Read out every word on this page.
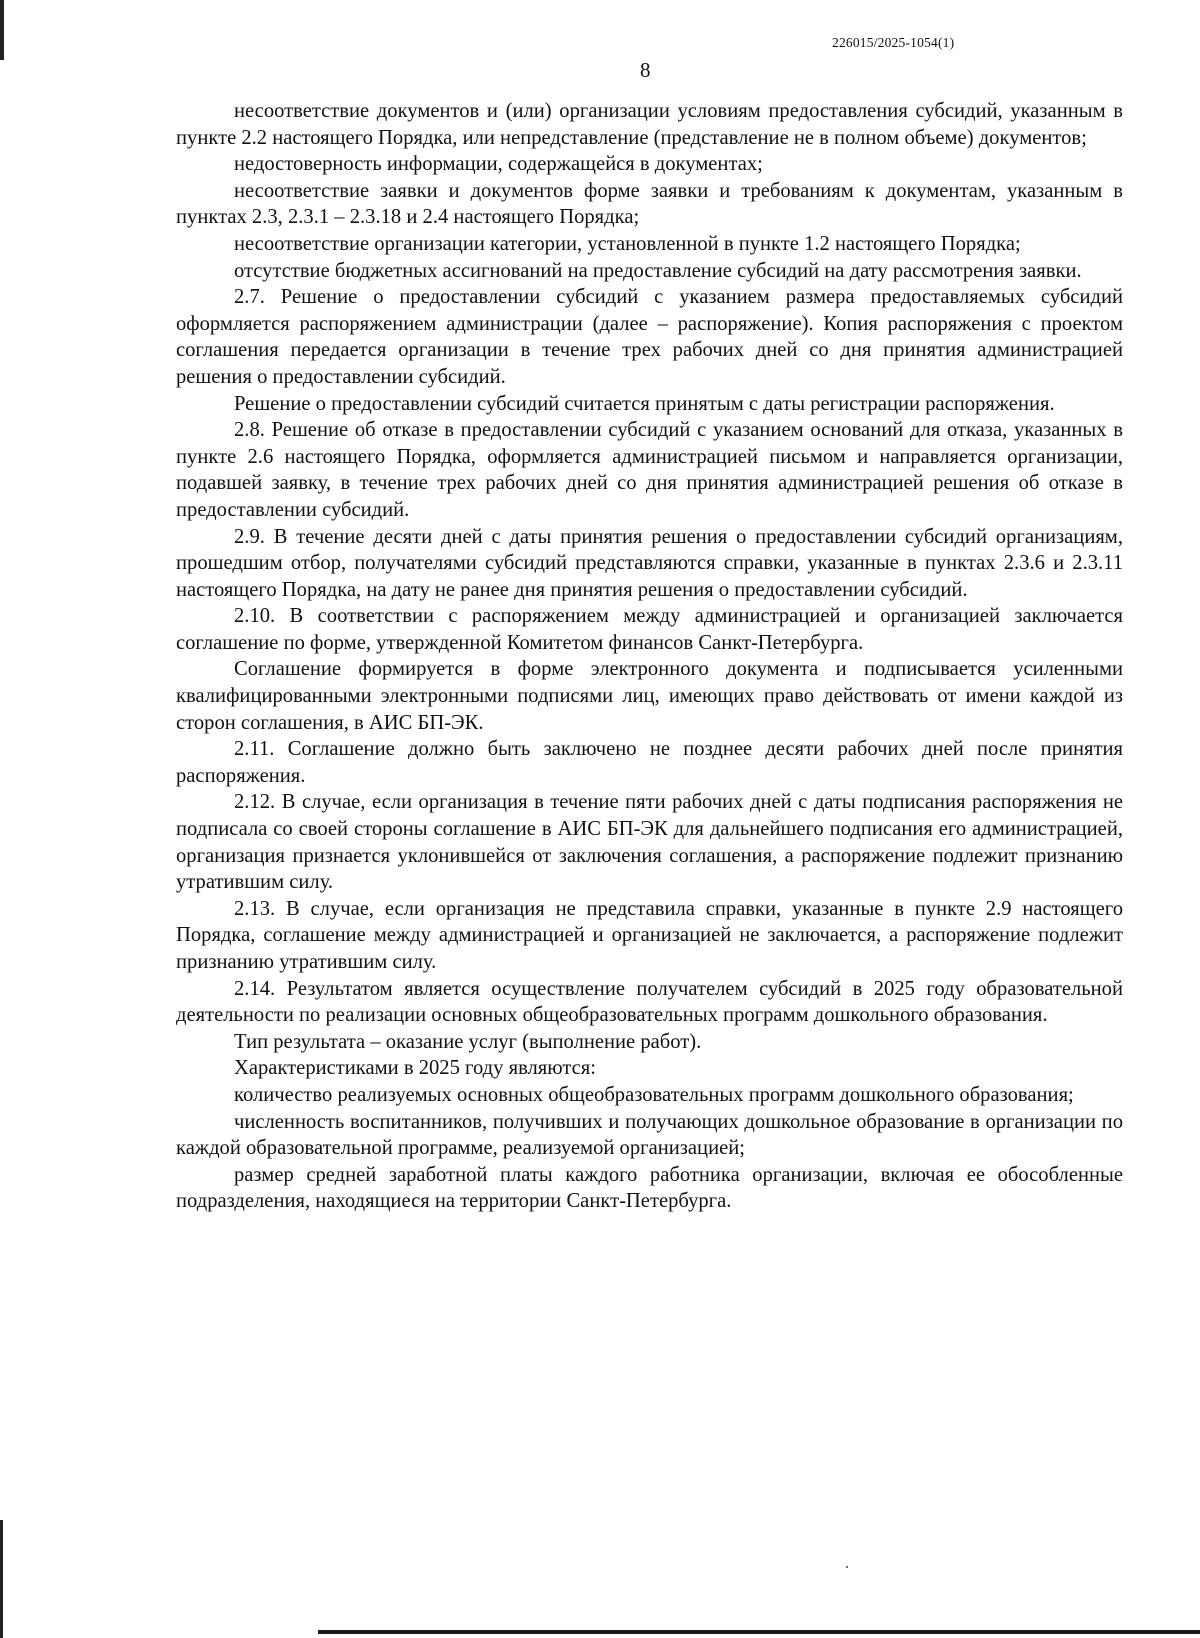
226015/2025-1054(1)
8

несоответствие документов и (или) организации условиям предоставления субсидий, указанным в пункте 2.2 настоящего Порядка, или непредставление (представление не в полном объеме) документов;

недостоверность информации, содержащейся в документах;

несоответствие заявки и документов форме заявки и требованиям к документам, указанным в пунктах 2.3, 2.3.1 – 2.3.18 и 2.4 настоящего Порядка;

несоответствие организации категории, установленной в пункте 1.2 настоящего Порядка;

отсутствие бюджетных ассигнований на предоставление субсидий на дату рассмотрения заявки.

2.7. Решение о предоставлении субсидий с указанием размера предоставляемых субсидий оформляется распоряжением администрации (далее – распоряжение). Копия распоряжения с проектом соглашения передается организации в течение трех рабочих дней со дня принятия администрацией решения о предоставлении субсидий.

Решение о предоставлении субсидий считается принятым с даты регистрации распоряжения.

2.8. Решение об отказе в предоставлении субсидий с указанием оснований для отказа, указанных в пункте 2.6 настоящего Порядка, оформляется администрацией письмом и направляется организации, подавшей заявку, в течение трех рабочих дней со дня принятия администрацией решения об отказе в предоставлении субсидий.

2.9. В течение десяти дней с даты принятия решения о предоставлении субсидий организациям, прошедшим отбор, получателями субсидий представляются справки, указанные в пунктах 2.3.6 и 2.3.11 настоящего Порядка, на дату не ранее дня принятия решения о предоставлении субсидий.

2.10. В соответствии с распоряжением между администрацией и организацией заключается соглашение по форме, утвержденной Комитетом финансов Санкт-Петербурга.

Соглашение формируется в форме электронного документа и подписывается усиленными квалифицированными электронными подписями лиц, имеющих право действовать от имени каждой из сторон соглашения, в АИС БП-ЭК.

2.11. Соглашение должно быть заключено не позднее десяти рабочих дней после принятия распоряжения.

2.12. В случае, если организация в течение пяти рабочих дней с даты подписания распоряжения не подписала со своей стороны соглашение в АИС БП-ЭК для дальнейшего подписания его администрацией, организация признается уклонившейся от заключения соглашения, а распоряжение подлежит признанию утратившим силу.

2.13. В случае, если организация не представила справки, указанные в пункте 2.9 настоящего Порядка, соглашение между администрацией и организацией не заключается, а распоряжение подлежит признанию утратившим силу.

2.14. Результатом является осуществление получателем субсидий в 2025 году образовательной деятельности по реализации основных общеобразовательных программ дошкольного образования.

Тип результата – оказание услуг (выполнение работ).

Характеристиками в 2025 году являются:

количество реализуемых основных общеобразовательных программ дошкольного образования;

численность воспитанников, получивших и получающих дошкольное образование в организации по каждой образовательной программе, реализуемой организацией;

размер средней заработной платы каждого работника организации, включая ее обособленные подразделения, находящиеся на территории Санкт-Петербурга.
